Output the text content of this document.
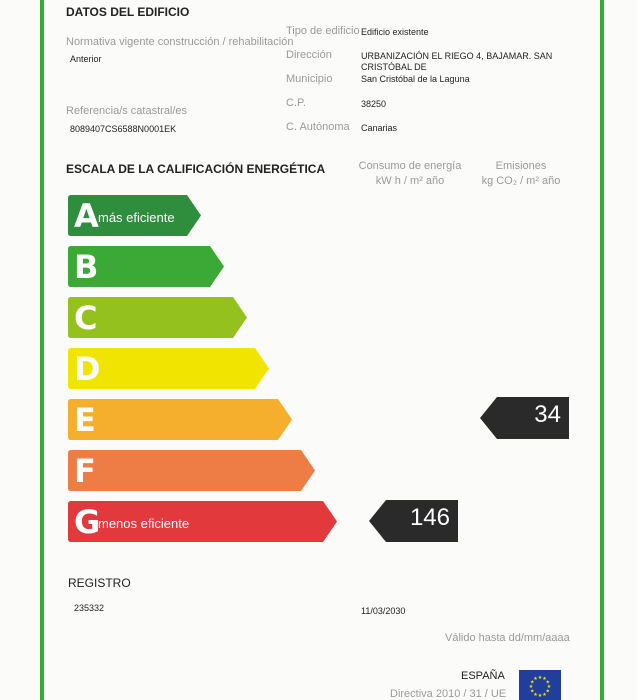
DATOS DEL EDIFICIO
Normativa vigente construcción / rehabilitación
Anterior
Referencia/s catastral/es
8089407CS6588N0001EK
Tipo de edificio Edificio existente
Dirección	URBANIZACIÓN EL RIEGO 4, BAJAMAR. SAN
CRISTÓBAL DE
Municipio	San Cristóbal de la Laguna
C.P.	38250
C. Autónoma Canarias
ESCALA DE LA CALIFICACIÓN ENERGÉTICA	Consumo de energía
kW h / m² año
Emisiones
kg CO₂ / m² año
A más eficiente
B
C
D
E
F
G
menos eficiente	146
34
REGISTRO
235332	11/03/2030
Válido hasta dd/mm/aaaa
ESPAÑA
Directiva 2010 / 31 / UE
★
★
★
★
★
★
★
★
★ ★ ★
★
